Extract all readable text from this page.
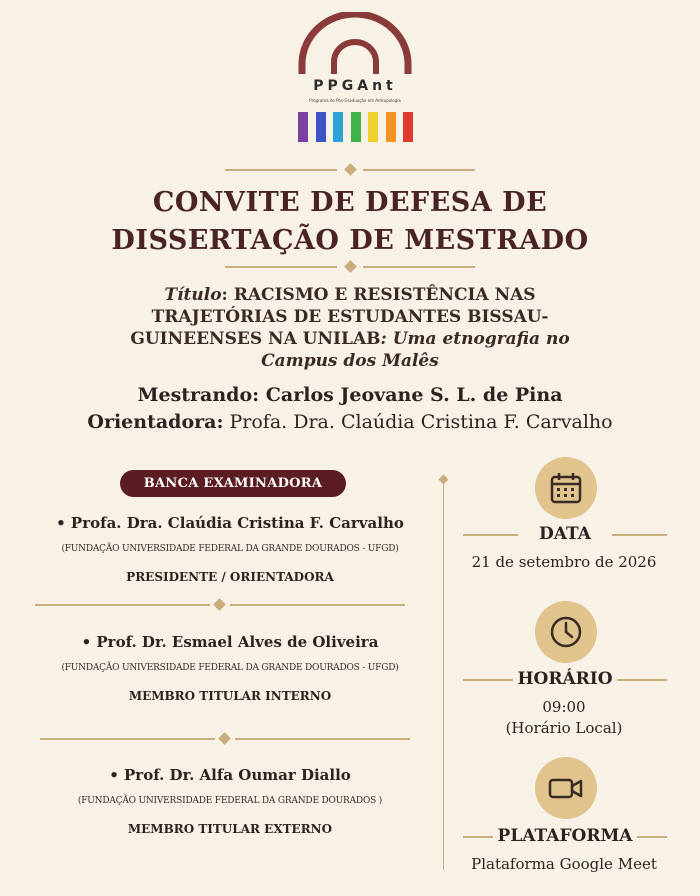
PPGAnt
Programa de Pós-Graduação em Antropologia
CONVITE DE DEFESA DE
DISSERTAÇÃO DE MESTRADO
Título: RACISMO E RESISTÊNCIA NAS TRAJETÓRIAS DE ESTUDANTES BISSAU-GUINEENSES NA UNILAB: Uma etnografia no Campus dos Malês
Mestrando: Carlos Jeovane S. L. de Pina
Orientadora: Profa. Dra. Claúdia Cristina F. Carvalho
BANCA EXAMINADORA
• Profa. Dra. Claúdia Cristina F. Carvalho
(FUNDAÇÃO UNIVERSIDADE FEDERAL DA GRANDE DOURADOS - UFGD)
PRESIDENTE / ORIENTADORA
• Prof. Dr. Esmael Alves de Oliveira
(FUNDAÇÃO UNIVERSIDADE FEDERAL DA GRANDE DOURADOS - UFGD)
MEMBRO TITULAR INTERNO
• Prof. Dr. Alfa Oumar Diallo
(FUNDAÇÃO UNIVERSIDADE FEDERAL DA GRANDE DOURADOS )
MEMBRO TITULAR EXTERNO
DATA
21 de setembro de 2026
HORÁRIO
09:00
(Horário Local)
PLATAFORMA
Plataforma Google Meet
